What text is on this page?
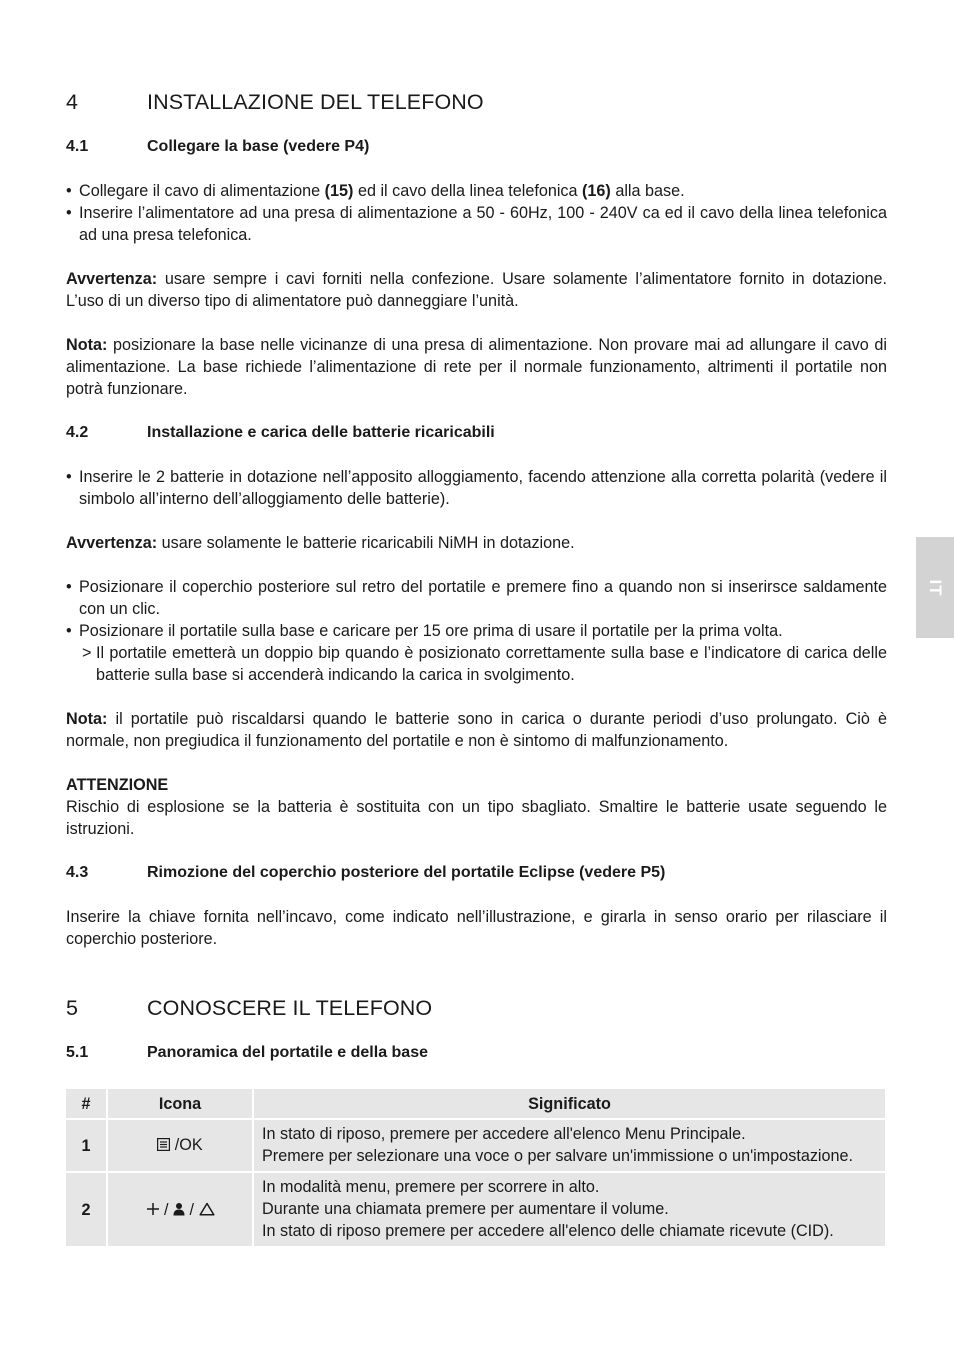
4	INSTALLAZIONE DEL TELEFONO
4.1	Collegare la base (vedere P4)
• Collegare il cavo di alimentazione (15) ed il cavo della linea telefonica (16) alla base.
• Inserire l’alimentatore ad una presa di alimentazione a 50 - 60Hz, 100 - 240V ca ed il cavo della linea telefonica ad una presa telefonica.

Avvertenza: usare sempre i cavi forniti nella confezione. Usare solamente l’alimentatore fornito in dotazione. L’uso di un diverso tipo di alimentatore può danneggiare l’unità.

Nota: posizionare la base nelle vicinanze di una presa di alimentazione. Non provare mai ad allungare il cavo di alimentazione. La base richiede l’alimentazione di rete per il normale funzionamento, altrimenti il portatile non potrà funzionare.

4.2	Installazione e carica delle batterie ricaricabili
• Inserire le 2 batterie in dotazione nell’apposito alloggiamento, facendo attenzione alla corretta polarità (vedere il simbolo all’interno dell’alloggiamento delle batterie).

Avvertenza: usare solamente le batterie ricaricabili NiMH in dotazione.

• Posizionare il coperchio posteriore sul retro del portatile e premere fino a quando non si inserirsce saldamente con un clic.
• Posizionare il portatile sulla base e caricare per 15 ore prima di usare il portatile per la prima volta.
> Il portatile emetterà un doppio bip quando è posizionato correttamente sulla base e l’indicatore di carica delle batterie sulla base si accenderà indicando la carica in svolgimento.

Nota: il portatile può riscaldarsi quando le batterie sono in carica o durante periodi d’uso prolungato. Ciò è normale, non pregiudica il funzionamento del portatile e non è sintomo di malfunzionamento.

ATTENZIONE

Rischio di esplosione se la batteria è sostituita con un tipo sbagliato. Smaltire le batterie usate seguendo le istruzioni.

4.3	Rimozione del coperchio posteriore del portatile Eclipse (vedere P5)

Inserire la chiave fornita nell’incavo, come indicato nell’illustrazione, e girarla in senso orario per rilasciare il coperchio posteriore.

5	CONOSCERE IL TELEFONO
5.1	Panoramica del portatile e della base
#	Icona	Significato
1	/OK	In stato di riposo, premere per accedere all'elenco Menu Principale.
Premere per selezionare una voce o per salvare un'immissione o un'impostazione.

2	/ /	In modalità menu, premere per scorrere in alto.
Durante una chiamata premere per aumentare il volume.
In stato di riposo premere per accedere all'elenco delle chiamate ricevute (CID).
IT
